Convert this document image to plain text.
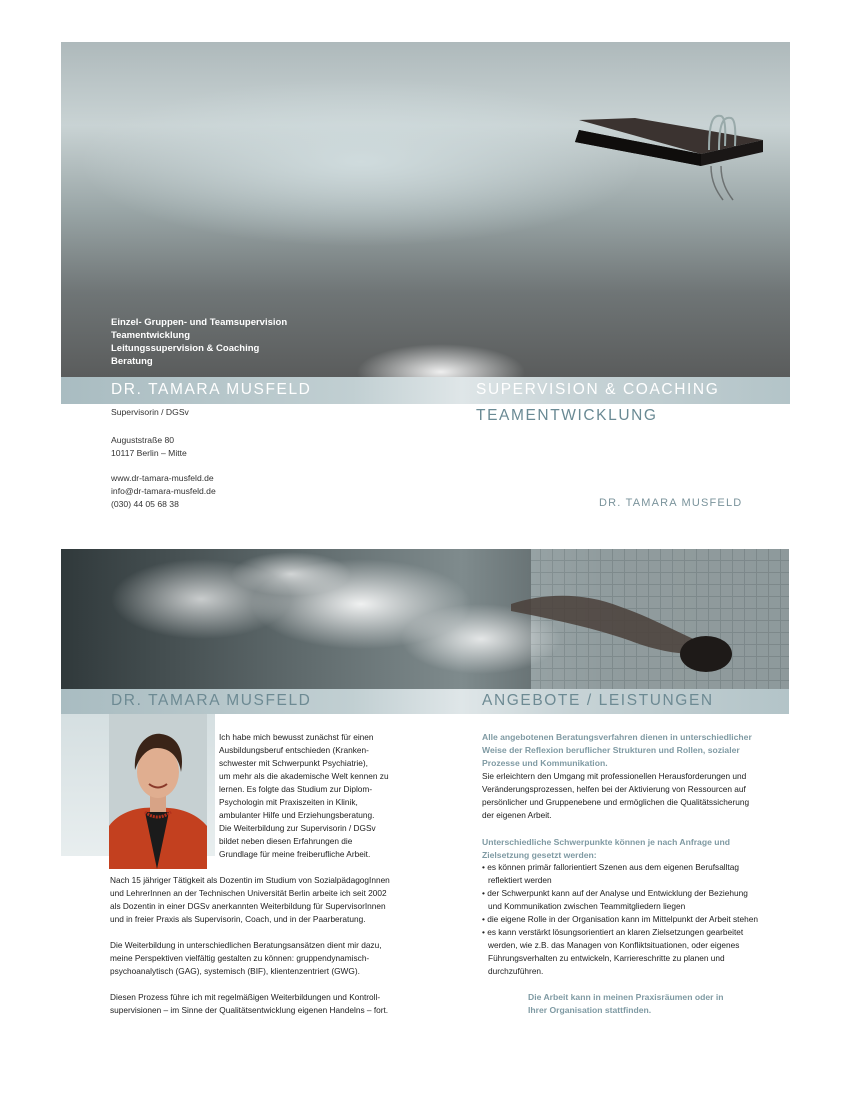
Einzel- Gruppen- und Teamsupervision
Teamentwicklung
Leitungssupervision & Coaching
Beratung
DR. TAMARA MUSFELD	SUPERVISION & COACHING
TEAMENTWICKLUNG
Supervisorin / DGSv
Auguststraße 80
10117 Berlin – Mitte
www.dr-tamara-musfeld.de
info@dr-tamara-musfeld.de
(030) 44 05 68 38	DR. TAMARA MUSFELD
DR. TAMARA MUSFELD	ANGEBOTE / LEISTUNGEN
Ich habe mich bewusst zunächst für einen
Ausbildungsberuf entschieden (Kranken-
schwester mit Schwerpunkt Psychiatrie),
um mehr als die akademische Welt kennen zu
lernen. Es folgte das Studium zur Diplom-
Psychologin mit Praxiszeiten in Klinik,
ambulanter Hilfe und Erziehungsberatung.
Die Weiterbildung zur Supervisorin / DGSv
bildet neben diesen Erfahrungen die
Grundlage für meine freiberufliche Arbeit.
Nach 15 jähriger Tätigkeit als Dozentin im Studium von SozialpädagogInnen
und LehrerInnen an der Technischen Universität Berlin arbeite ich seit 2002
als Dozentin in einer DGSv anerkannten Weiterbildung für SupervisorInnen
und in freier Praxis als Supervisorin, Coach, und in der Paarberatung.
Die Weiterbildung in unterschiedlichen Beratungsansätzen dient mir dazu,
meine Perspektiven vielfältig gestalten zu können: gruppendynamisch-
psychoanalytisch (GAG), systemisch (BIF), klientenzentriert (GWG).
Diesen Prozess führe ich mit regelmäßigen Weiterbildungen und Kontroll-
supervisionen – im Sinne der Qualitätsentwicklung eigenen Handelns – fort.
Alle angebotenen Beratungsverfahren dienen in unterschiedlicher
Weise der Reflexion beruflicher Strukturen und Rollen, sozialer
Prozesse und Kommunikation.
Sie erleichtern den Umgang mit professionellen Herausforderungen und
Veränderungsprozessen, helfen bei der Aktivierung von Ressourcen auf
persönlicher und Gruppenebene und ermöglichen die Qualitätssicherung
der eigenen Arbeit.
Unterschiedliche Schwerpunkte können je nach Anfrage und
Zielsetzung gesetzt werden:
• es können primär fallorientiert Szenen aus dem eigenen Berufsalltag
reflektiert werden
• der Schwerpunkt kann auf der Analyse und Entwicklung der Beziehung
und Kommunikation zwischen Teammitgliedern liegen
• die eigene Rolle in der Organisation kann im Mittelpunkt der Arbeit stehen
• es kann verstärkt lösungsorientiert an klaren Zielsetzungen gearbeitet
werden, wie z.B. das Managen von Konfliktsituationen, oder eigenes
Führungsverhalten zu entwickeln, Karriereschritte zu planen und
durchzuführen.
Die Arbeit kann in meinen Praxisräumen oder in
Ihrer Organisation stattfinden.
